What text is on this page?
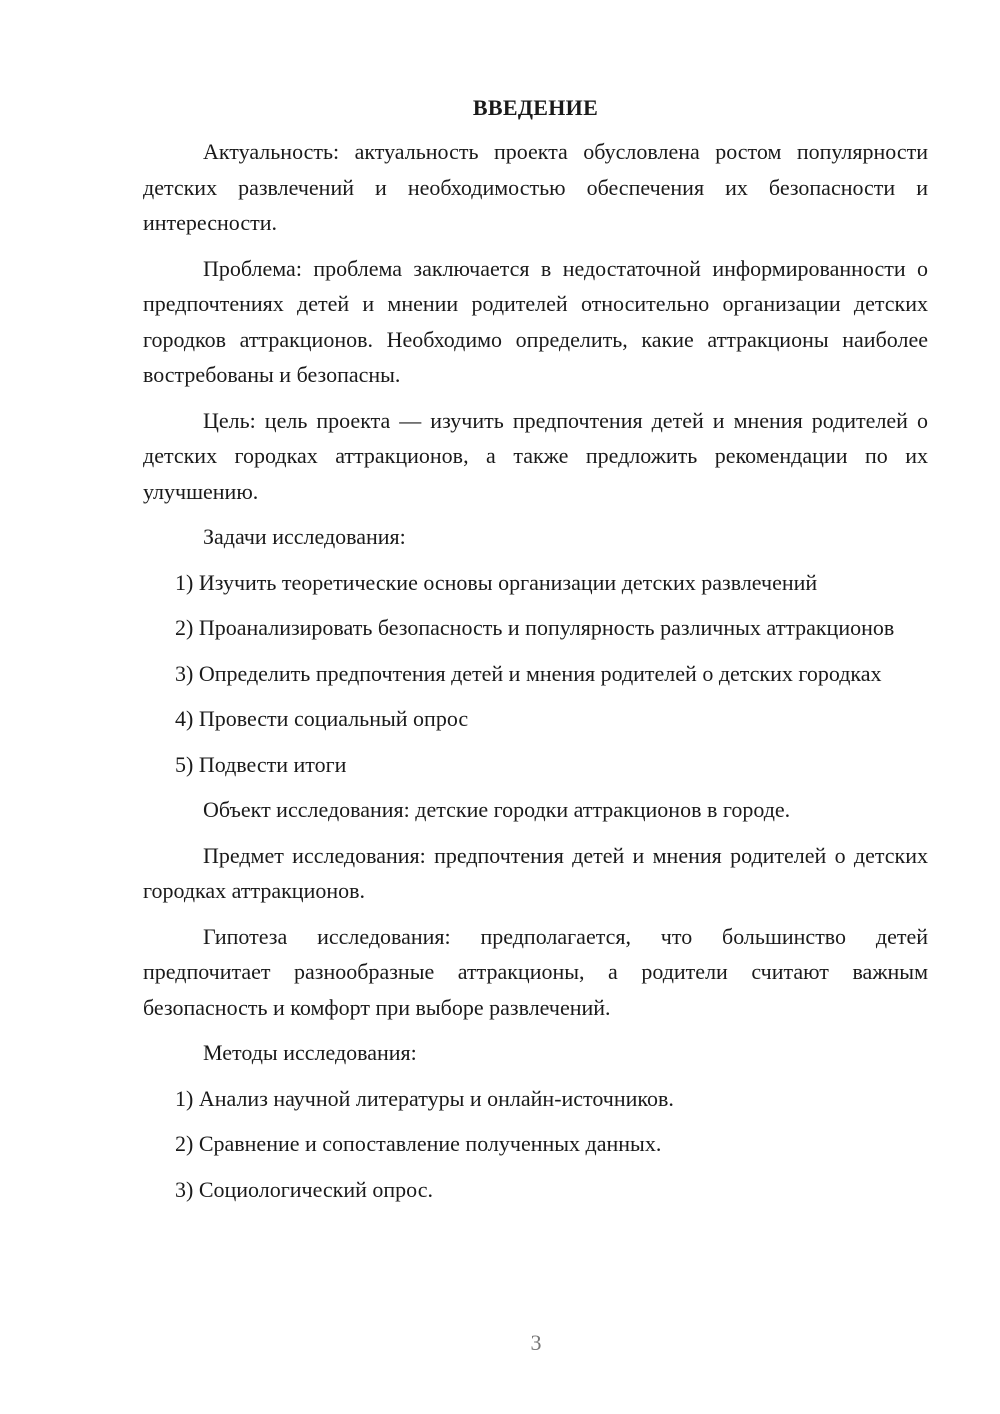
ВВЕДЕНИЕ

Актуальность: актуальность проекта обусловлена ростом популярности детских развлечений и необходимостью обеспечения их безопасности и интересности.

Проблема: проблема заключается в недостаточной информированности о предпочтениях детей и мнении родителей относительно организации детских городков аттракционов. Необходимо определить, какие аттракционы наиболее востребованы и безопасны.

Цель: цель проекта — изучить предпочтения детей и мнения родителей о детских городках аттракционов, а также предложить рекомендации по их улучшению.

Задачи исследования:

1) Изучить теоретические основы организации детских развлечений

2) Проанализировать безопасность и популярность различных аттракционов

3) Определить предпочтения детей и мнения родителей о детских городках

4) Провести социальный опрос

5) Подвести итоги

Объект исследования: детские городки аттракционов в городе.

Предмет исследования: предпочтения детей и мнения родителей о детских городках аттракционов.

Гипотеза исследования: предполагается, что большинство детей предпочитает разнообразные аттракционы, а родители считают важным безопасность и комфорт при выборе развлечений.

Методы исследования:

1) Анализ научной литературы и онлайн-источников.

2) Сравнение и сопоставление полученных данных.

3) Социологический опрос.

3
